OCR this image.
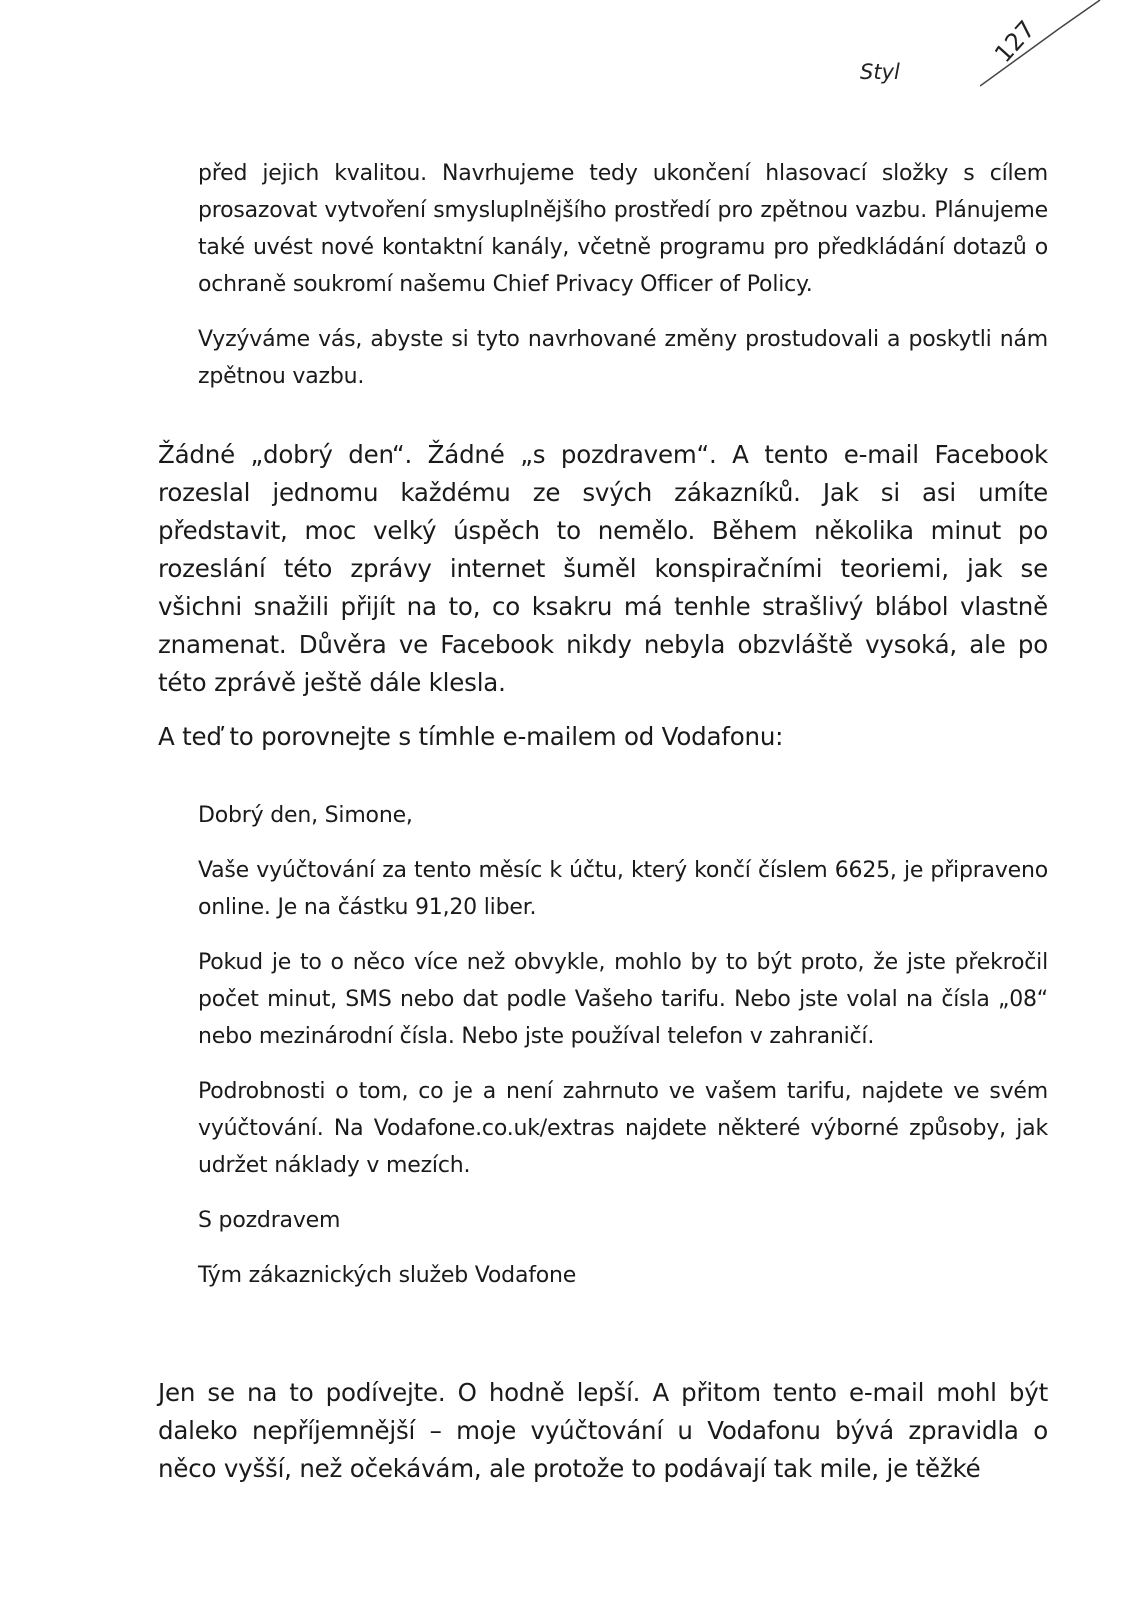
Styl
127

před jejich kvalitou. Navrhujeme tedy ukončení hlasovací složky s cílem prosazovat vytvoření smysluplnějšího prostředí pro zpětnou vazbu. Plánujeme také uvést nové kontaktní kanály, včetně programu pro předkládání dotazů o ochraně soukromí našemu Chief Privacy Officer of Policy.

Vyzýváme vás, abyste si tyto navrhované změny prostudovali a poskytli nám zpětnou vazbu.

Žádné „dobrý den“. Žádné „s pozdravem“. A tento e-mail Facebook rozeslal jednomu každému ze svých zákazníků. Jak si asi umíte představit, moc velký úspěch to nemělo. Během několika minut po rozeslání této zprávy internet šuměl konspiračními teoriemi, jak se všichni snažili přijít na to, co ksakru má tenhle strašlivý blábol vlastně znamenat. Důvěra ve Facebook nikdy nebyla obzvláště vysoká, ale po této zprávě ještě dále klesla.

A teď to porovnejte s tímhle e-mailem od Vodafonu:

Dobrý den, Simone,

Vaše vyúčtování za tento měsíc k účtu, který končí číslem 6625, je připraveno online. Je na částku 91,20 liber.

Pokud je to o něco více než obvykle, mohlo by to být proto, že jste překročil počet minut, SMS nebo dat podle Vašeho tarifu. Nebo jste volal na čísla „08“ nebo mezinárodní čísla. Nebo jste používal telefon v zahraničí.

Podrobnosti o tom, co je a není zahrnuto ve vašem tarifu, najdete ve svém vyúčtování. Na Vodafone.co.uk/extras najdete některé výborné způsoby, jak udržet náklady v mezích.

S pozdravem

Tým zákaznických služeb Vodafone

Jen se na to podívejte. O hodně lepší. A přitom tento e-mail mohl být daleko nepříjemnější – moje vyúčtování u Vodafonu bývá zpravidla o něco vyšší, než očekávám, ale protože to podávají tak mile, je těžké
